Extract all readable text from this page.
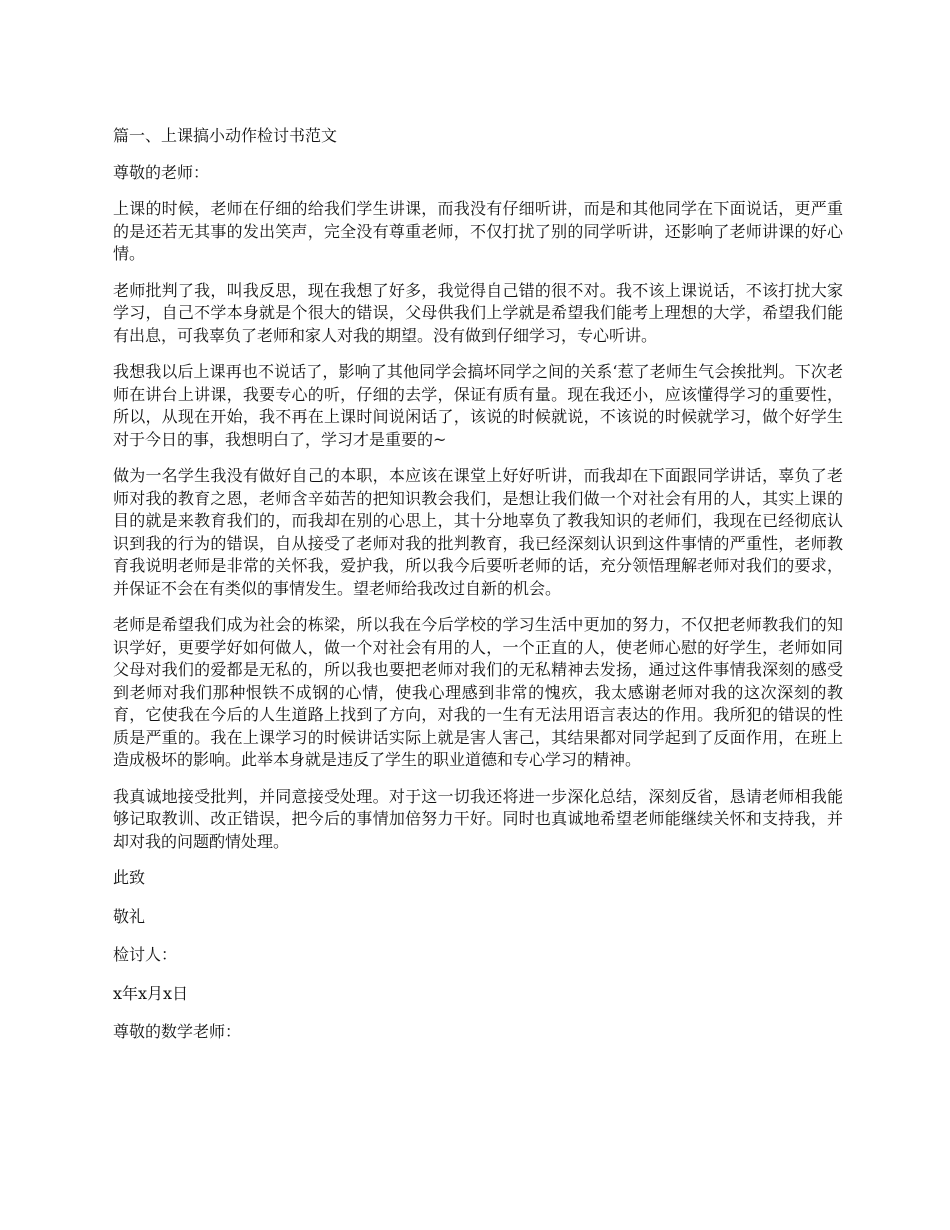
篇一、上课搞小动作检讨书范文

尊敬的老师：

上课的时候，老师在仔细的给我们学生讲课，而我没有仔细听讲，而是和其他同学在下面说话，更严重的是还若无其事的发出笑声，完全没有尊重老师，不仅打扰了别的同学听讲，还影响了老师讲课的好心情。

老师批判了我，叫我反思，现在我想了好多，我觉得自己错的很不对。我不该上课说话，不该打扰大家学习，自己不学本身就是个很大的错误，父母供我们上学就是希望我们能考上理想的大学，希望我们能有出息，可我辜负了老师和家人对我的期望。没有做到仔细学习，专心听讲。

我想我以后上课再也不说话了，影响了其他同学会搞坏同学之间的关系‘惹了老师生气会挨批判。下次老师在讲台上讲课，我要专心的听，仔细的去学，保证有质有量。现在我还小，应该懂得学习的重要性，所以，从现在开始，我不再在上课时间说闲话了，该说的时候就说，不该说的时候就学习，做个好学生对于今日的事，我想明白了，学习才是重要的~

做为一名学生我没有做好自己的本职，本应该在课堂上好好听讲，而我却在下面跟同学讲话，辜负了老师对我的教育之恩，老师含辛茹苦的把知识教会我们，是想让我们做一个对社会有用的人，其实上课的目的就是来教育我们的，而我却在别的心思上，其十分地辜负了教我知识的老师们，我现在已经彻底认识到我的行为的错误，自从接受了老师对我的批判教育，我已经深刻认识到这件事情的严重性，老师教育我说明老师是非常的关怀我，爱护我，所以我今后要听老师的话，充分领悟理解老师对我们的要求，并保证不会在有类似的事情发生。望老师给我改过自新的机会。

老师是希望我们成为社会的栋梁，所以我在今后学校的学习生活中更加的努力，不仅把老师教我们的知识学好，更要学好如何做人，做一个对社会有用的人，一个正直的人，使老师心慰的好学生，老师如同父母对我们的爱都是无私的，所以我也要把老师对我们的无私精神去发扬，通过这件事情我深刻的感受到老师对我们那种恨铁不成钢的心情，使我心理感到非常的愧疚，我太感谢老师对我的这次深刻的教育，它使我在今后的人生道路上找到了方向，对我的一生有无法用语言表达的作用。我所犯的错误的性质是严重的。我在上课学习的时候讲话实际上就是害人害己，其结果都对同学起到了反面作用，在班上造成极坏的影响。此举本身就是违反了学生的职业道德和专心学习的精神。

我真诚地接受批判，并同意接受处理。对于这一切我还将进一步深化总结，深刻反省，恳请老师相我能够记取教训、改正错误，把今后的事情加倍努力干好。同时也真诚地希望老师能继续关怀和支持我，并却对我的问题酌情处理。

此致

敬礼

检讨人：

x年x月x日

尊敬的数学老师：
